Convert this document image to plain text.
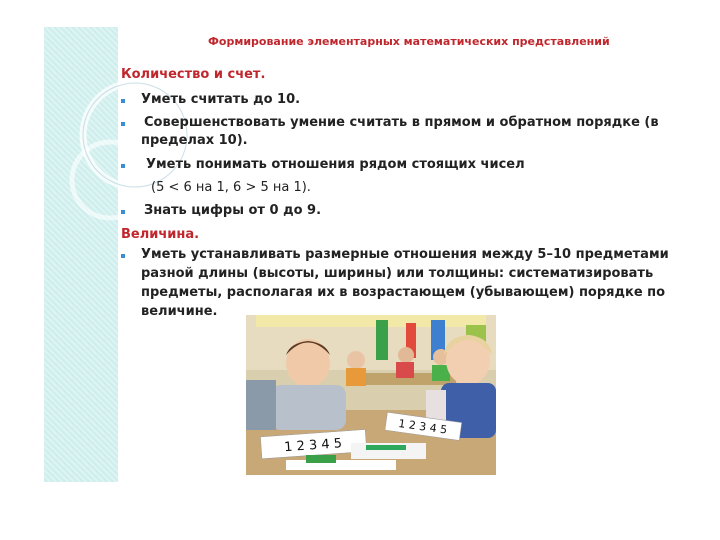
Формирование элементарных математических представлений
Количество и счет.
Уметь считать до 10.
Совершенствовать умение считать в прямом и обратном порядке (в
пределах 10).
Уметь понимать отношения рядом стоящих чисел
(5 < 6 на 1, 6 > 5 на 1).
Знать цифры от 0 до 9.
Величина.
Уметь устанавливать размерные отношения между 5–10 предметами
разной длины (высоты, ширины) или толщины: систематизировать
предметы, располагая их в возрастающем (убывающем) порядке по
величине.
1 2 3 4 5
1 2 3 4 5
